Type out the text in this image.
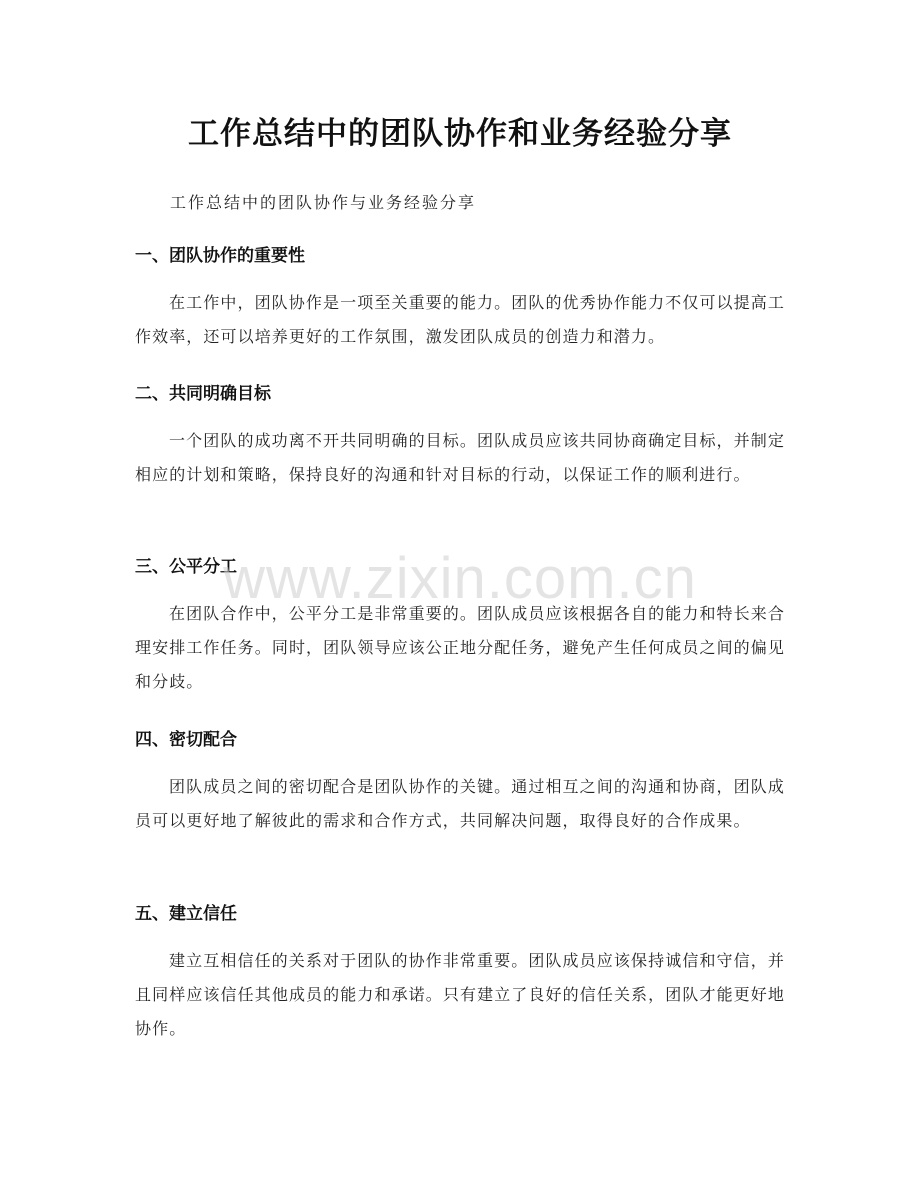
工作总结中的团队协作和业务经验分享
工作总结中的团队协作与业务经验分享
一、团队协作的重要性
在工作中，团队协作是一项至关重要的能力。团队的优秀协作能力不仅可以提高工作效率，还可以培养更好的工作氛围，激发团队成员的创造力和潜力。
二、共同明确目标
一个团队的成功离不开共同明确的目标。团队成员应该共同协商确定目标，并制定相应的计划和策略，保持良好的沟通和针对目标的行动，以保证工作的顺利进行。
三、公平分工
在团队合作中，公平分工是非常重要的。团队成员应该根据各自的能力和特长来合理安排工作任务。同时，团队领导应该公正地分配任务，避免产生任何成员之间的偏见和分歧。
四、密切配合
团队成员之间的密切配合是团队协作的关键。通过相互之间的沟通和协商，团队成员可以更好地了解彼此的需求和合作方式，共同解决问题，取得良好的合作成果。
五、建立信任
建立互相信任的关系对于团队的协作非常重要。团队成员应该保持诚信和守信，并且同样应该信任其他成员的能力和承诺。只有建立了良好的信任关系，团队才能更好地协作。
www.zixin.com.cn
